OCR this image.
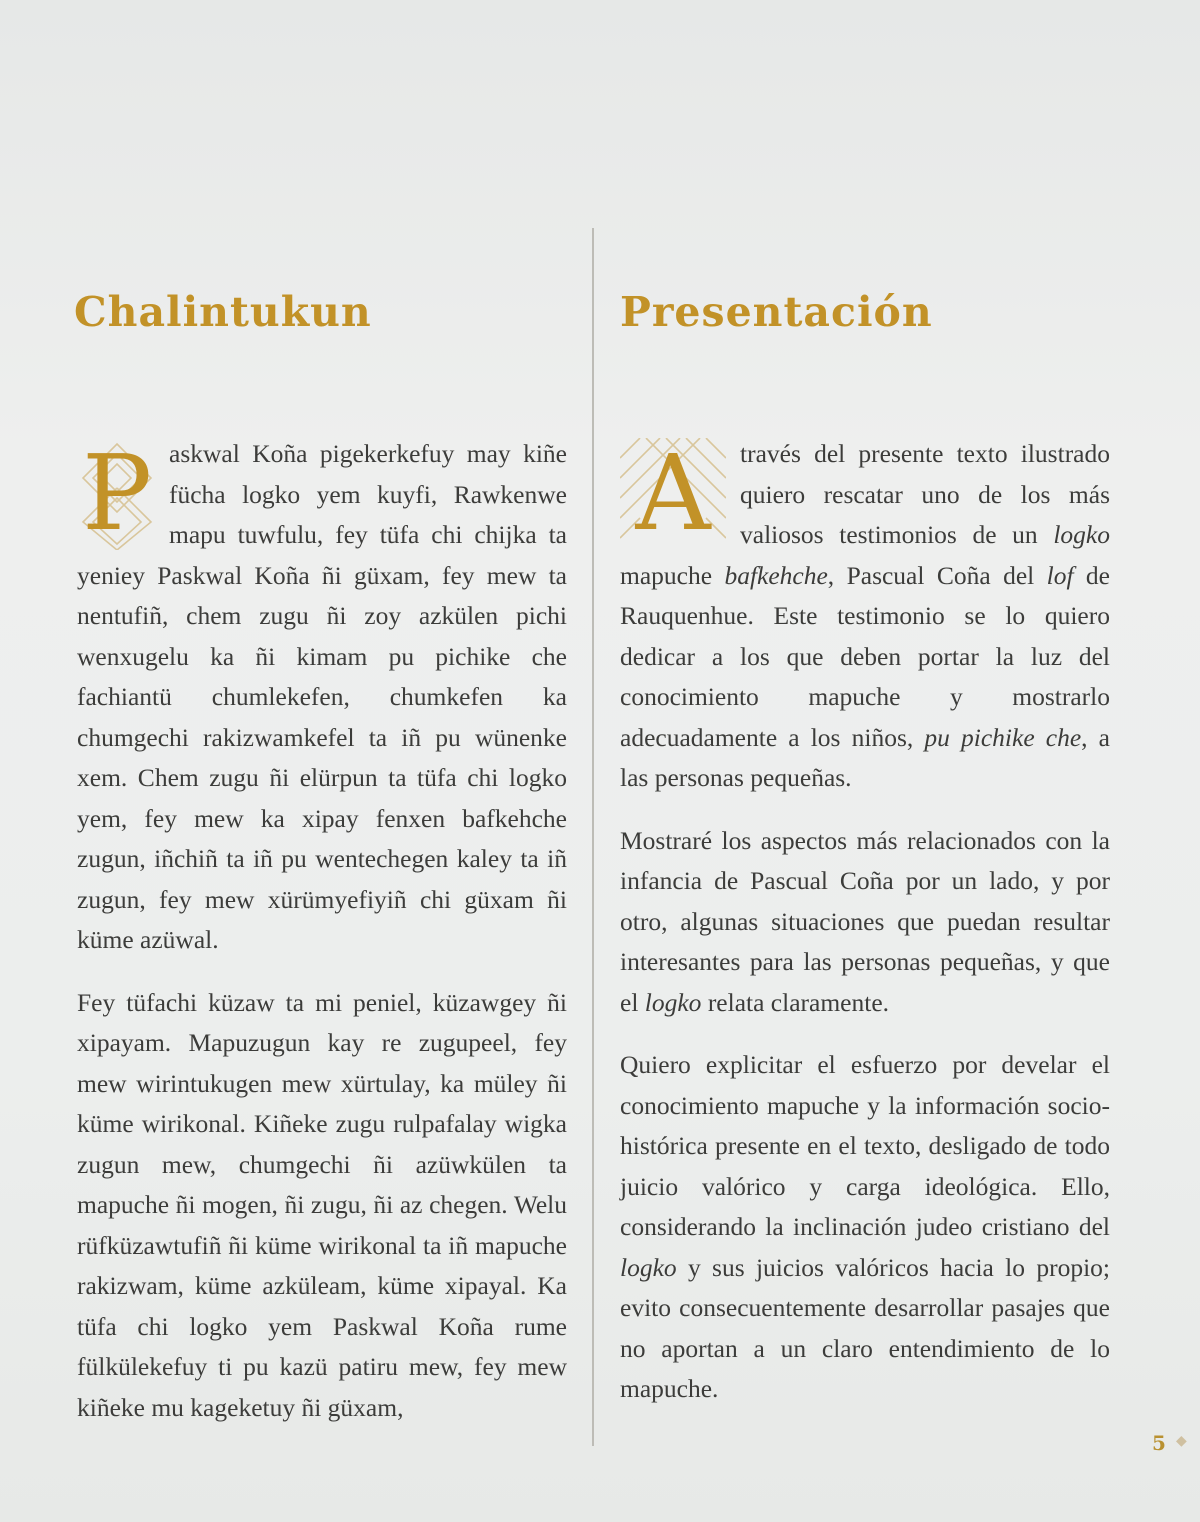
Chalintukun	Presentación

P askwal Koña pigekerkefuy may kiñe fücha logko yem kuyfi, Rawkenwe mapu tuwfulu, fey tüfa chi chijka ta yeniey Paskwal Koña ñi güxam, fey mew ta nentufiñ, chem zugu ñi zoy azkülen pichi wenxugelu ka ñi kimam pu pichike che fachiantü chumlekefen, chumkefen ka chumgechi rakizwamkefel ta iñ pu wünenke xem. Chem zugu ñi elürpun ta tüfa chi logko yem, fey mew ka xipay fenxen bafkehche zugun, iñchiñ ta iñ pu wentechegen kaley ta iñ zugun, fey mew xürümyefiyiñ chi güxam ñi küme azüwal.

Fey tüfachi küzaw ta mi peniel, küzawgey ñi xipayam. Mapuzugun kay re zugupeel, fey mew wirintukugen mew xürtulay, ka müley ñi küme wirikonal. Kiñeke zugu rulpafalay wigka zugun mew, chumgechi ñi azüwkülen ta mapuche ñi mogen, ñi zugu, ñi az chegen. Welu rüfküzawtufiñ ñi küme wirikonal ta iñ mapuche rakizwam, küme azküleam, küme xipayal. Ka tüfa chi logko yem Paskwal Koña rume fülkülekefuy ti pu kazü patiru mew, fey mew kiñeke mu kageketuy ñi güxam,

A	través del presente texto ilustrado quiero rescatar uno de los más valiosos testimonios de un logko mapuche bafkehche, Pascual Coña del lof de Rauquenhue. Este testimonio se lo quiero dedicar a los que deben portar la luz del conocimiento mapuche y mostrarlo adecuadamente a los niños, pu pichike che, a las personas pequeñas.

Mostraré los aspectos más relacionados con la infancia de Pascual Coña por un lado, y por otro, algunas situaciones que puedan resultar interesantes para las personas pequeñas, y que el logko relata claramente.

Quiero explicitar el esfuerzo por develar el conocimiento mapuche y la información socio-histórica presente en el texto, desligado de todo juicio valórico y carga ideológica. Ello, considerando la inclinación judeo cristiano del logko y sus juicios valóricos hacia lo propio; evito consecuentemente desarrollar pasajes que no aportan a un claro entendimiento de lo mapuche.

5 ◆
